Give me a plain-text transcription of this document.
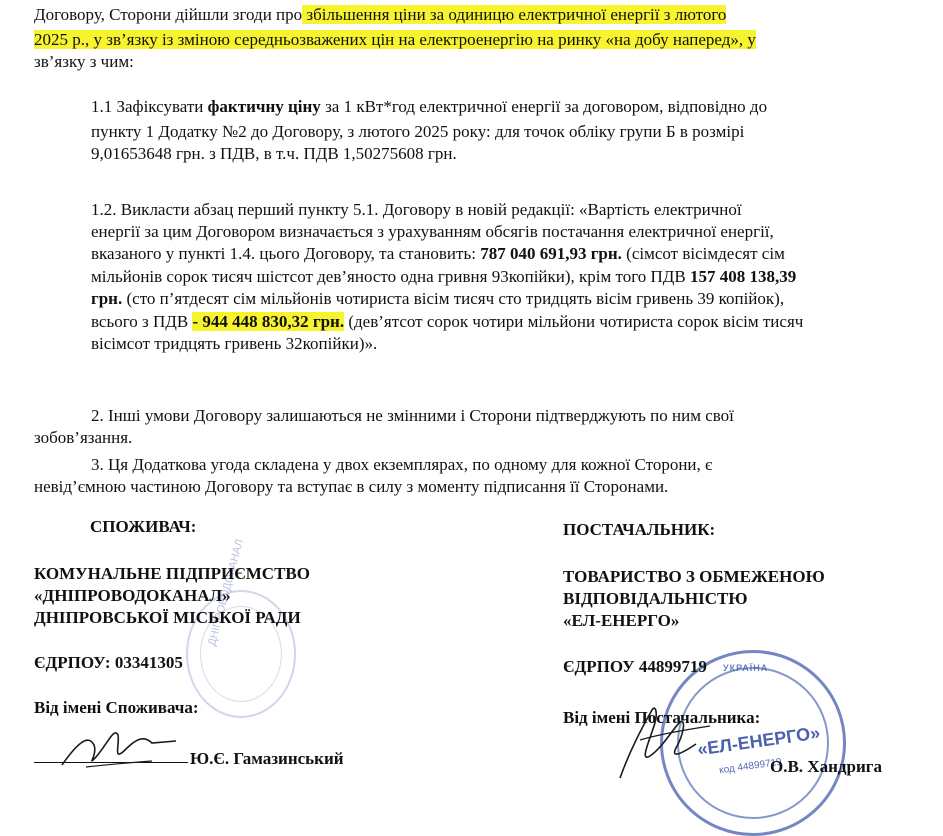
Договору, Сторони дійшли згоди про збільшення ціни за одиницю електричної енергії з лютого
2025 р., у зв’язку із зміною середньозважених цін на електроенергію на ринку «на добу наперед», у
зв’язку з чим:
1.1 Зафіксувати фактичну ціну за 1 кВт*год електричної енергії за договором, відповідно до
пункту 1 Додатку №2 до Договору, з лютого 2025 року: для точок обліку групи Б в розмірі
9,01653648 грн. з ПДВ, в т.ч. ПДВ 1,50275608 грн.
1.2. Викласти абзац перший пункту 5.1. Договору в новій редакції: «Вартість електричної
енергії за цим Договором визначається з урахуванням обсягів постачання електричної енергії,
вказаного у пункті 1.4. цього Договору, та становить: 787 040 691,93 грн. (сімсот вісімдесят сім
мільйонів сорок тисяч шістсот дев’яносто одна гривня 93копійки), крім того ПДВ 157 408 138,39
грн. (сто п’ятдесят сім мільйонів чотириста вісім тисяч сто тридцять вісім гривень 39 копійок),
всього з ПДВ - 944 448 830,32 грн. (дев’ятсот сорок чотири мільйони чотириста сорок вісім тисяч
вісімсот тридцять гривень 32копійки)».
2. Інші умови Договору залишаються не змінними і Сторони підтверджують по ним свої
зобов’язання.
3. Ця Додаткова угода складена у двох екземплярах, по одному для кожної Сторони, є
невід’ємною частиною Договору та вступає в силу з моменту підписання її Сторонами.
ДНІПРОВОДОКАНАЛ
СПОЖИВАЧ:
КОМУНАЛЬНЕ ПІДПРИЄМСТВО
«ДНІПРОВОДОКАНАЛ»
ДНІПРОВСЬКОЇ МІСЬКОЇ РАДИ
ЄДРПОУ: 03341305
Від імені Споживача:
Ю.Є. Гамазинський
УКРАЇНА
«ЕЛ-ЕНЕРГО»
код 44899719
ПОСТАЧАЛЬНИК:
ТОВАРИСТВО З ОБМЕЖЕНОЮ
ВІДПОВІДАЛЬНІСТЮ
«ЕЛ-ЕНЕРГО»
ЄДРПОУ 44899719
Від імені Постачальника:
О.В. Хандрига
